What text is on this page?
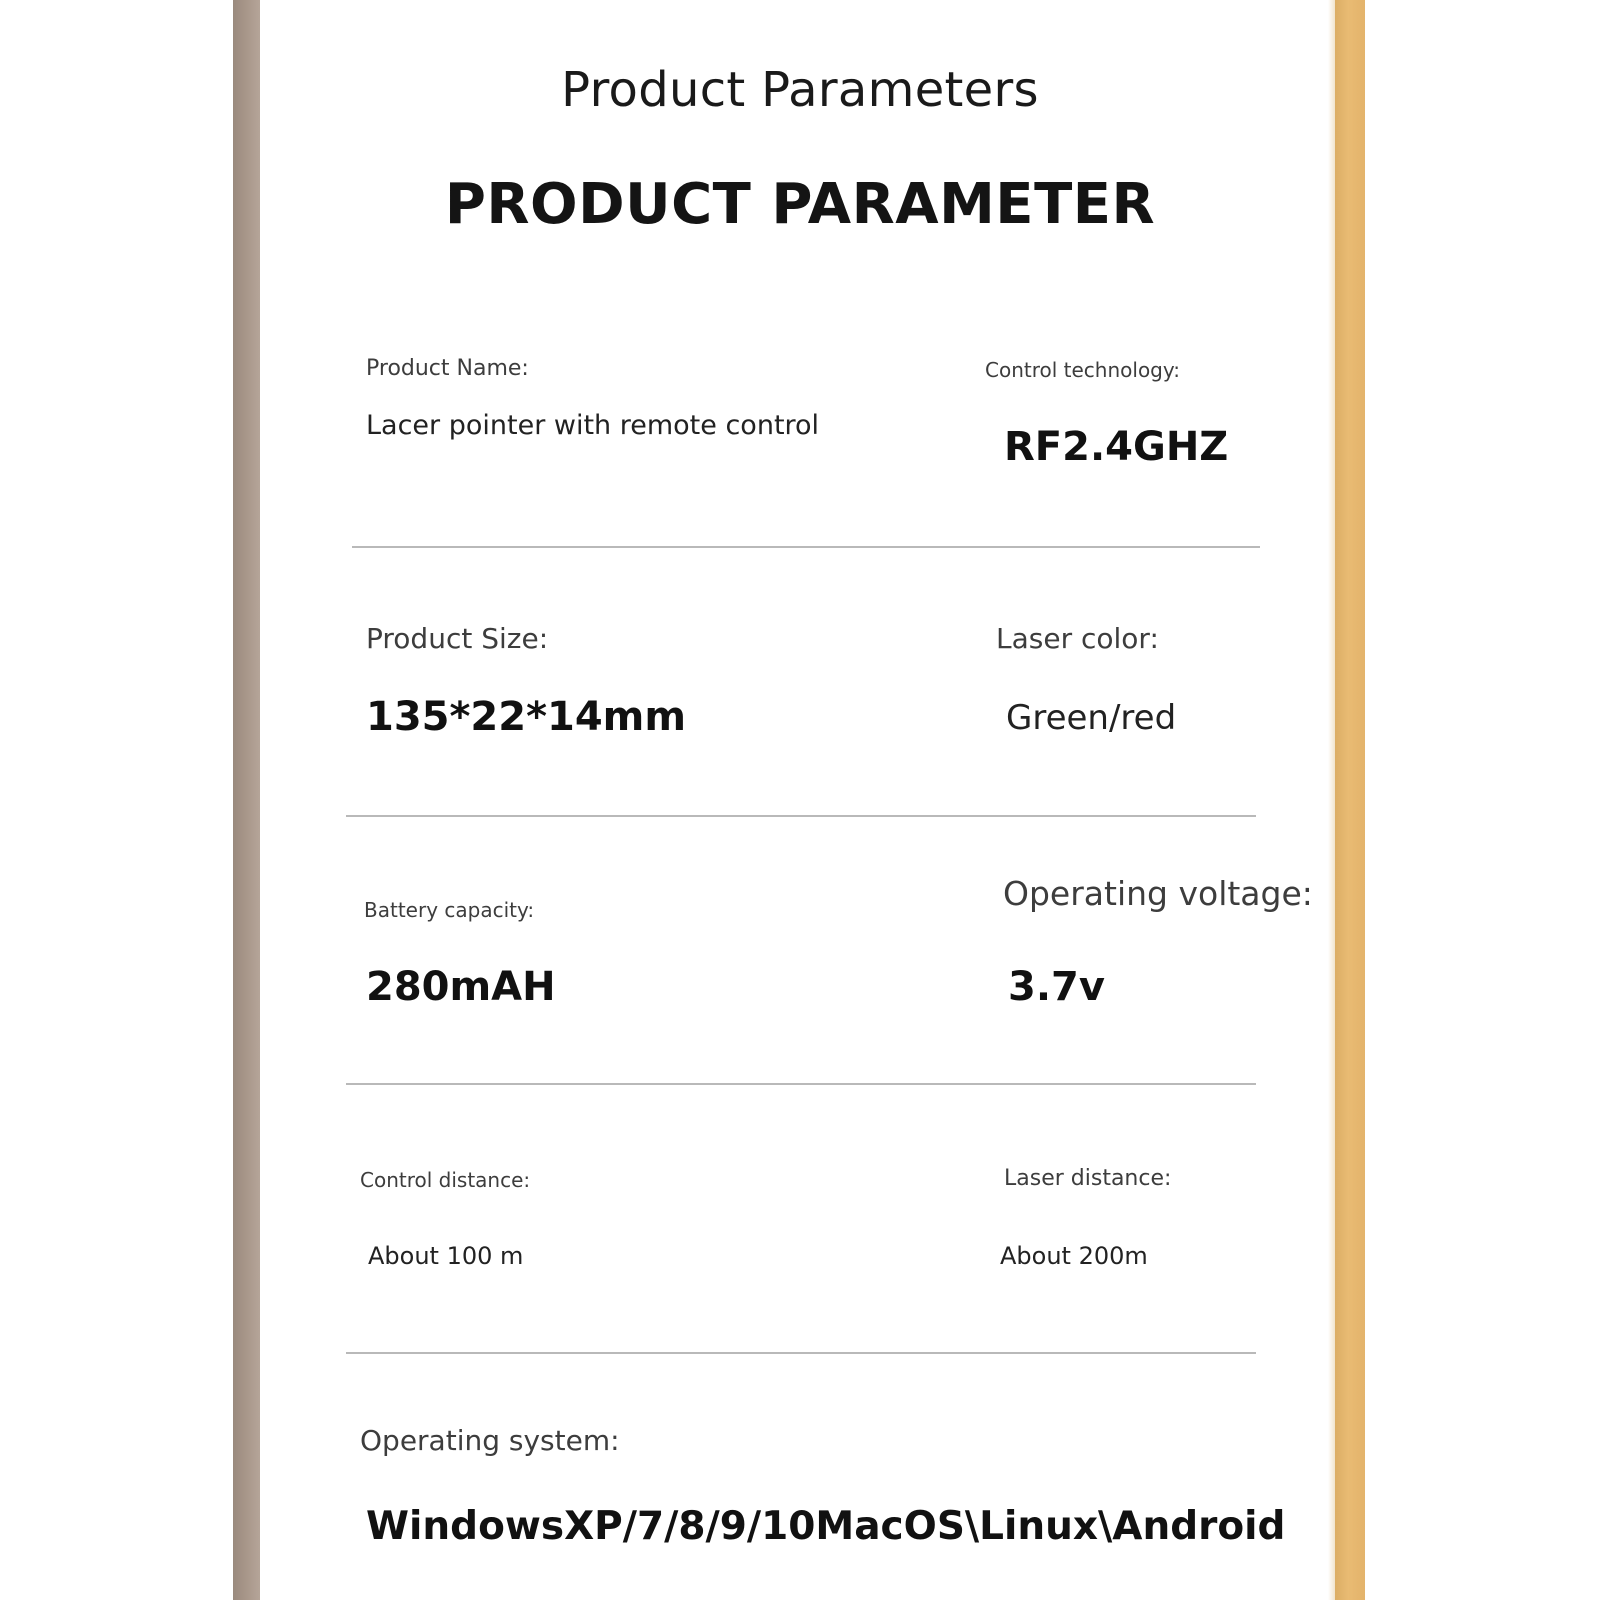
Product Parameters
PRODUCT PARAMETER
Product Name:
Lacer pointer with remote control
Control technology:
RF2.4GHZ
Product Size:
135*22*14mm
Laser color:
Green/red
Battery capacity:
280mAH
Operating voltage:
3.7v
Control distance:
About 100 m
Laser distance:
About 200m
Operating system:
WindowsXP/7/8/9/10MacOS\Linux\Android
